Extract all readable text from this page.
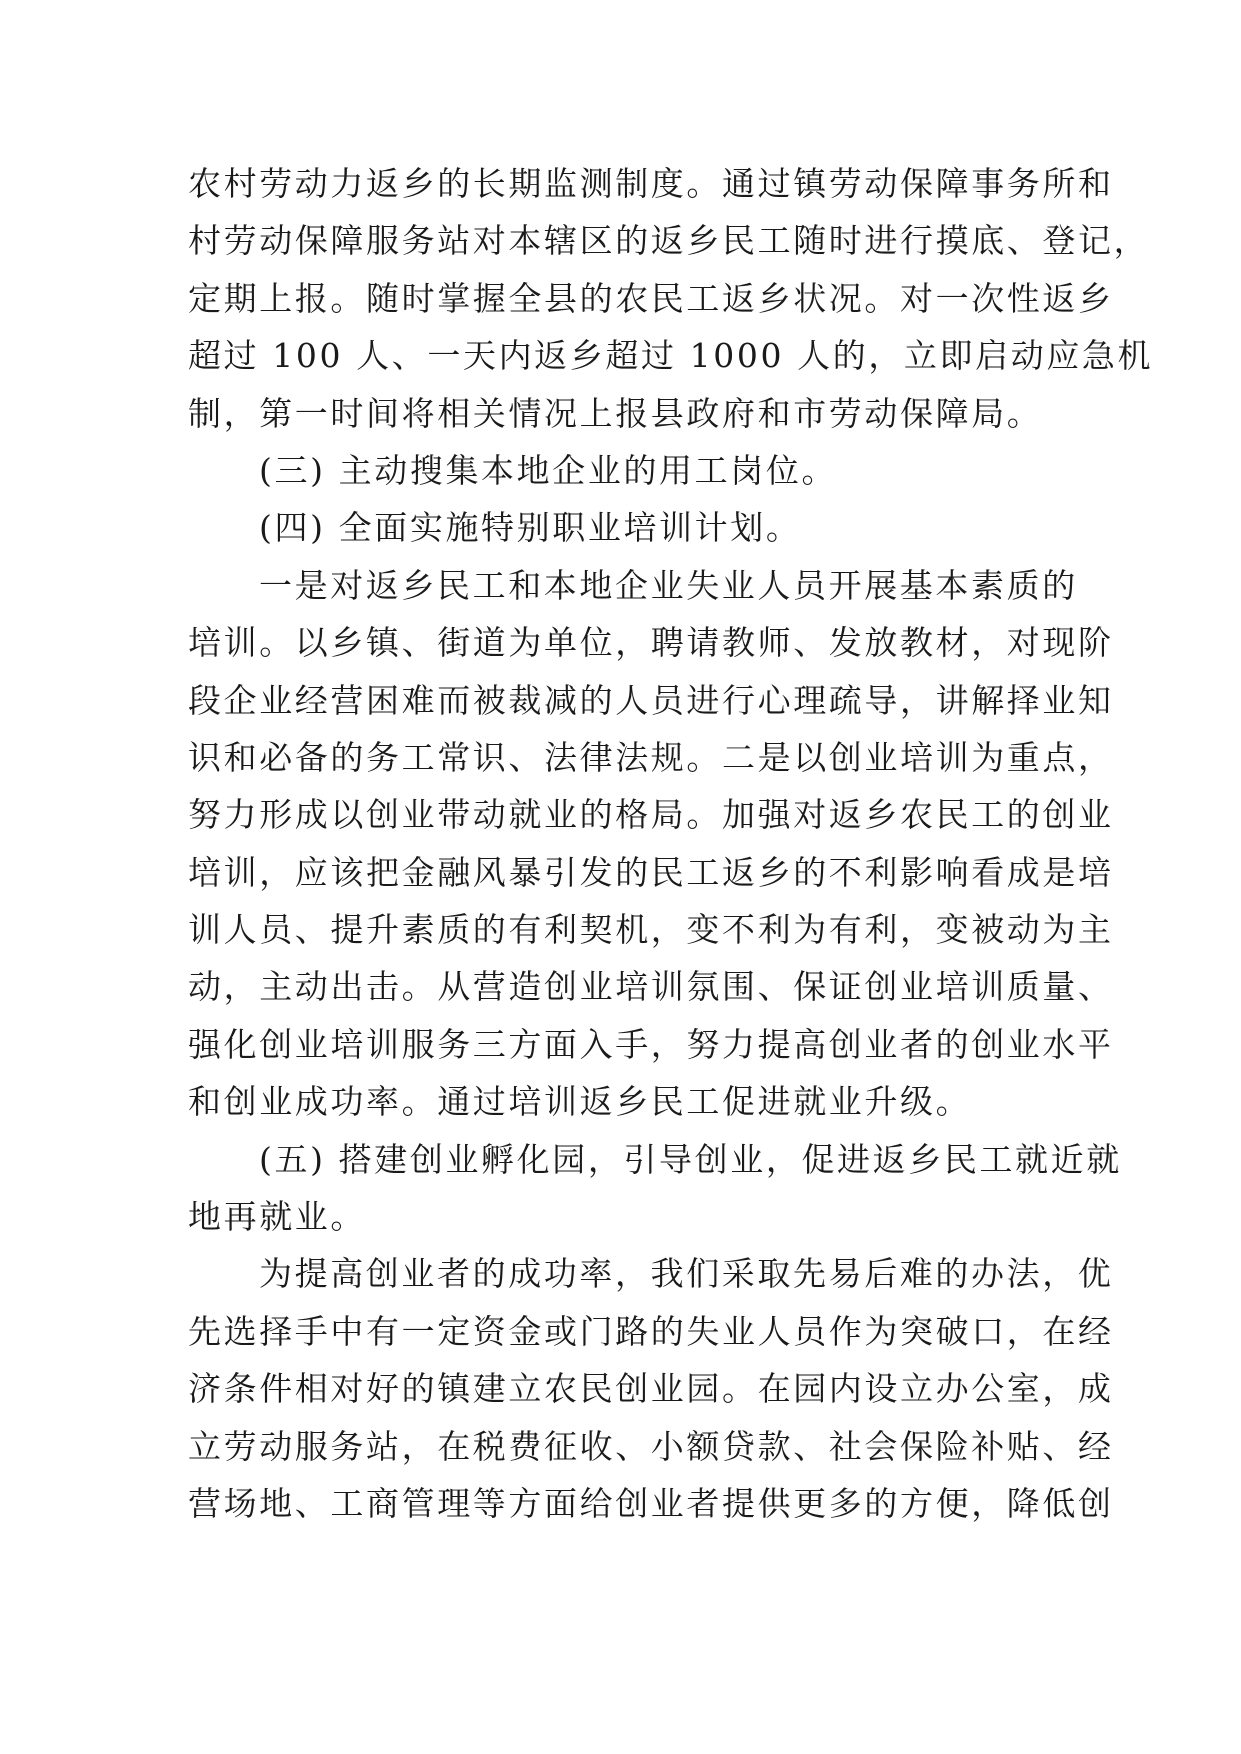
农村劳动力返乡的长期监测制度。通过镇劳动保障事务所和
村劳动保障服务站对本辖区的返乡民工随时进行摸底、登记，
定期上报。随时掌握全县的农民工返乡状况。对一次性返乡
超过 100 人、一天内返乡超过 1000 人的，立即启动应急机
制，第一时间将相关情况上报县政府和市劳动保障局。
(三) 主动搜集本地企业的用工岗位。
(四) 全面实施特别职业培训计划。
一是对返乡民工和本地企业失业人员开展基本素质的
培训。以乡镇、街道为单位，聘请教师、发放教材，对现阶
段企业经营困难而被裁减的人员进行心理疏导，讲解择业知
识和必备的务工常识、法律法规。二是以创业培训为重点，
努力形成以创业带动就业的格局。加强对返乡农民工的创业
培训，应该把金融风暴引发的民工返乡的不利影响看成是培
训人员、提升素质的有利契机，变不利为有利，变被动为主
动，主动出击。从营造创业培训氛围、保证创业培训质量、
强化创业培训服务三方面入手，努力提高创业者的创业水平
和创业成功率。通过培训返乡民工促进就业升级。
(五) 搭建创业孵化园，引导创业，促进返乡民工就近就
地再就业。
为提高创业者的成功率，我们采取先易后难的办法，优
先选择手中有一定资金或门路的失业人员作为突破口，在经
济条件相对好的镇建立农民创业园。在园内设立办公室，成
立劳动服务站，在税费征收、小额贷款、社会保险补贴、经
营场地、工商管理等方面给创业者提供更多的方便，降低创
